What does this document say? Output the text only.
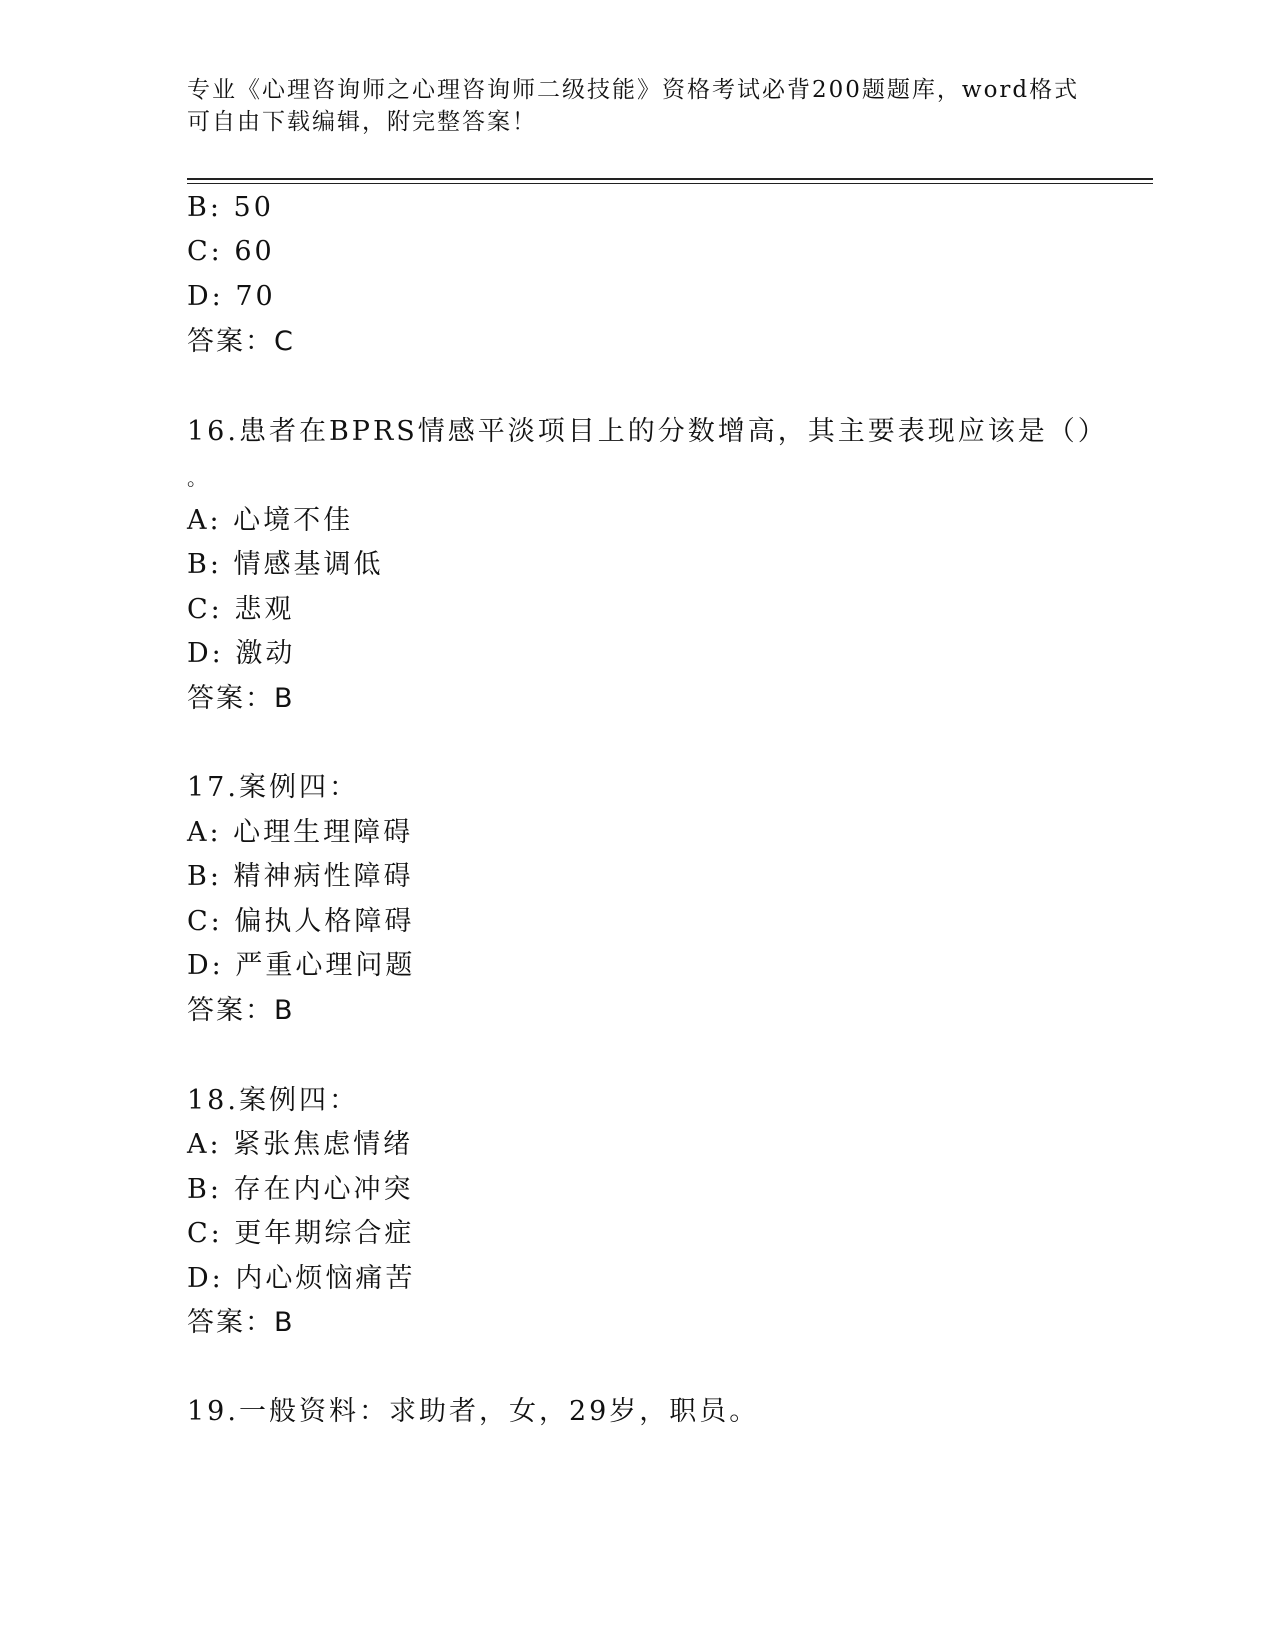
专业《心理咨询师之心理咨询师二级技能》资格考试必背200题题库，word格式
可自由下载编辑，附完整答案！
B: 50
C: 60
D: 70
答案：C
16.患者在BPRS情感平淡项目上的分数增高，其主要表现应该是（）
。
A: 心境不佳
B: 情感基调低
C: 悲观
D: 激动
答案：B
17.案例四：
A: 心理生理障碍
B: 精神病性障碍
C: 偏执人格障碍
D: 严重心理问题
答案：B
18.案例四：
A: 紧张焦虑情绪
B: 存在内心冲突
C: 更年期综合症
D: 内心烦恼痛苦
答案：B
19.一般资料：求助者，女，29岁，职员。
